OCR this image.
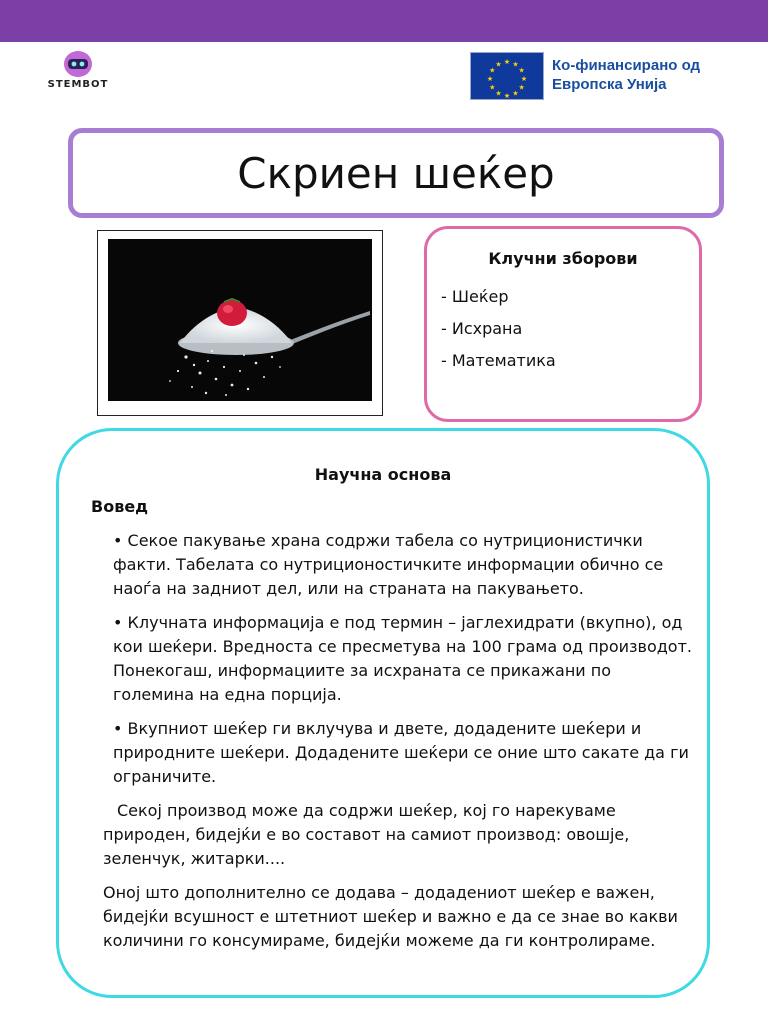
STEMBOT
★ ★
★
★
★
★
★
★
★
★
★
★	Ко-финансирано од
Европска Унија
Скриен шеќер
Клучни зборови
- Шеќер
- Исхрана
- Математика
Научна основа
Вовед

• Секое пакување храна содржи табела со нутриционистички факти. Табелата со нутриционостичките информации обично се наоѓа на задниот дел, или на страната на пакувањето.

• Клучната информација е под термин – јаглехидрати (вкупно), од кои шеќери. Вредноста се пресметува на 100 грама од производот. Понекогаш, информациите за исхраната се прикажани по големина на една порција.

• Вкупниот шеќер ги вклучува и двете, додадените шеќери и природните шеќери. Додадените шеќери се оние што сакате да ги ограничите.

Секој производ може да содржи шеќер, кој го нарекуваме природен, бидејќи е во составот на самиот производ: овошје, зеленчук, житарки....

Оној што дополнително се додава – додадениот шеќер е важен, бидејќи всушност е штетниот шеќер и важно е да се знае во какви количини го консумираме, бидејќи можеме да ги контролираме.
